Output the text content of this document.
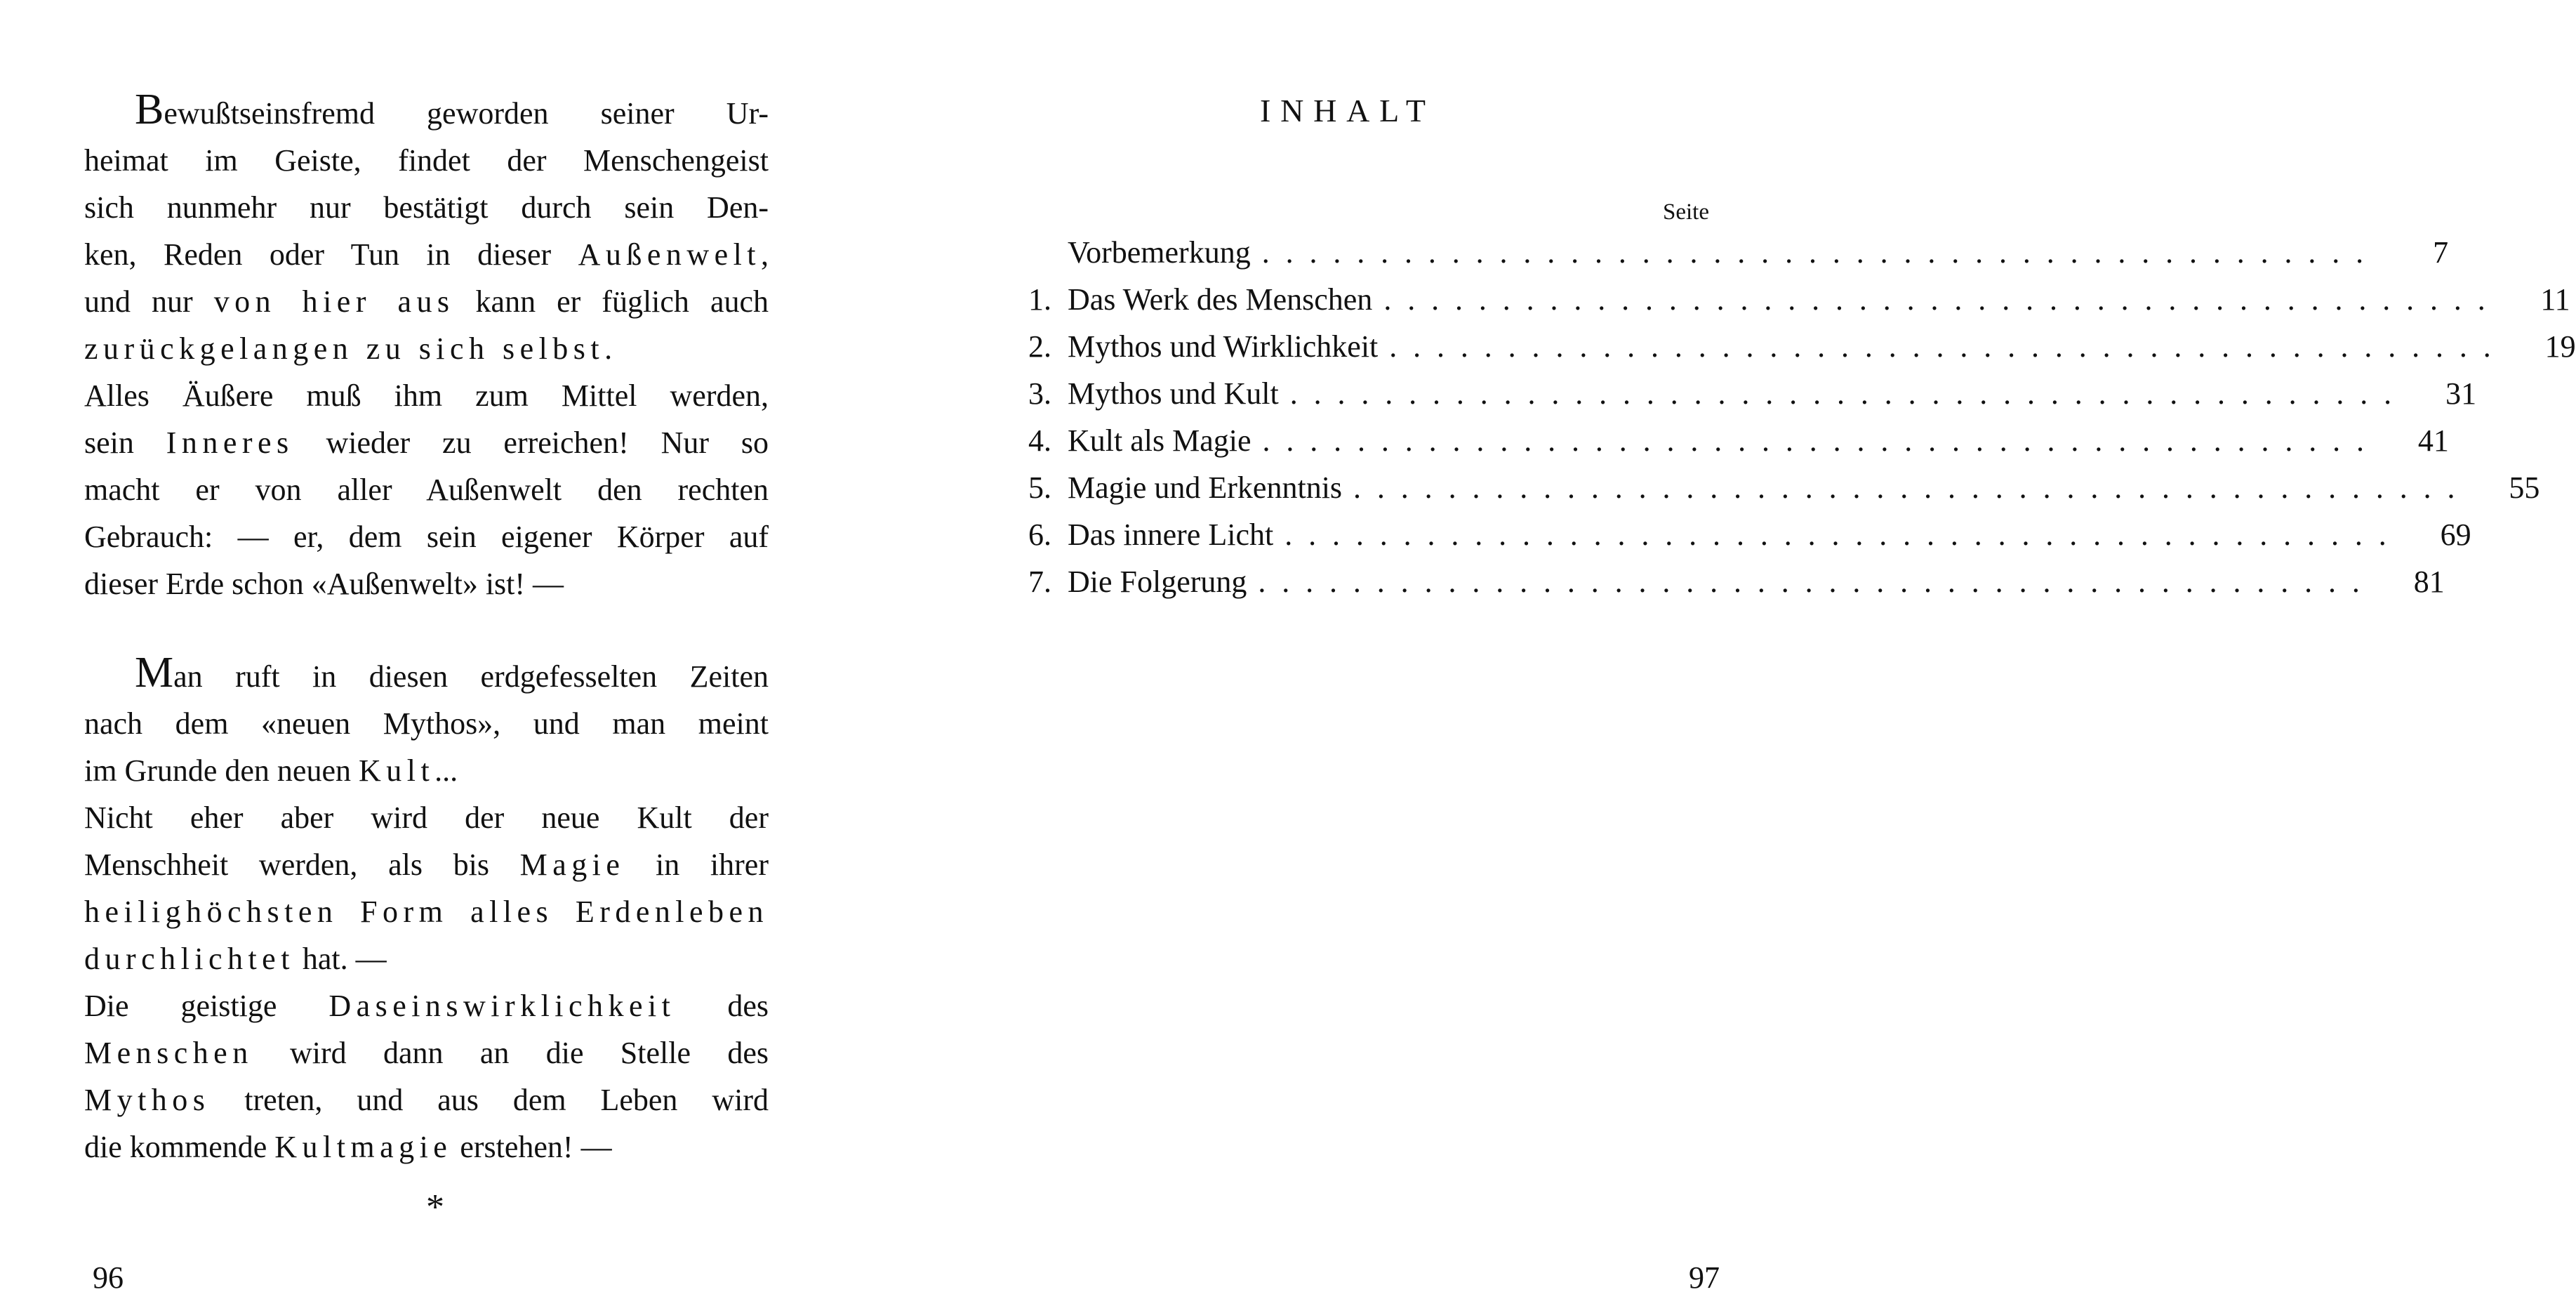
Bewußtseinsfremd geworden seiner Ur-
heimat im Geiste, findet der Menschengeist
sich nunmehr nur bestätigt durch sein Den-
ken, Reden oder Tun in dieser Außenwelt,
und nur von hier aus kann er füglich auch
zurückgelangen zu sich selbst.
Alles Äußere muß ihm zum Mittel werden,
sein Inneres wieder zu erreichen! Nur so
macht er von aller Außenwelt den rechten
Gebrauch: — er, dem sein eigener Körper auf
dieser Erde schon «Außenwelt» ist! —
Man ruft in diesen erdgefesselten Zeiten
nach dem «neuen Mythos», und man meint
im Grunde den neuen Kult...
Nicht eher aber wird der neue Kult der
Menschheit werden, als bis Magie in ihrer
heilighöchsten Form alles Erdenleben
durchlichtet hat. —
Die geistige Daseinswirklichkeit des
Menschen wird dann an die Stelle des
Mythos treten, und aus dem Leben wird
die kommende Kultmagie erstehen! —
*
96
INHALT
Seite
Vorbemerkung ...............................................	7
1. Das Werk des Menschen ...............................................	11
2. Mythos und Wirklichkeit ...............................................	19
3. Mythos und Kult ...............................................	31
4. Kult als Magie ...............................................	41
5. Magie und Erkenntnis ...............................................	55
6. Das innere Licht ...............................................	69
7. Die Folgerung ...............................................	81
97
